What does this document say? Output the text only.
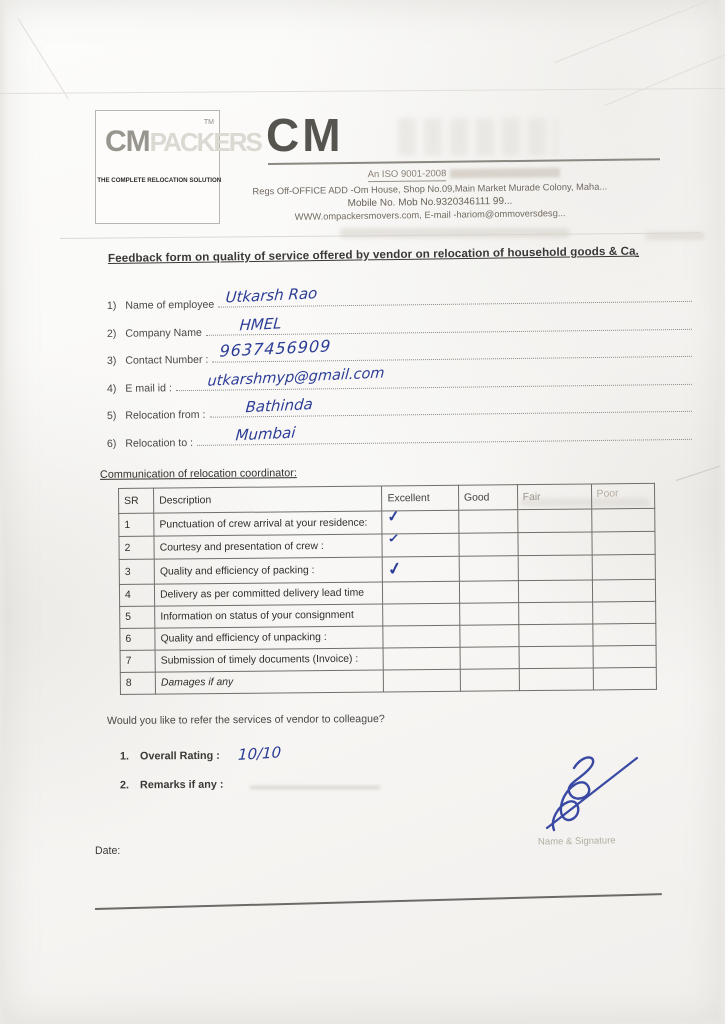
CMPACKERS
TM
THE COMPLETE RELOCATION SOLUTION
CM
An ISO 9001-2008
Regs Off-OFFICE ADD -Om House, Shop No.09,Main Market Murade Colony, Maha...
Mobile No. Mob No.9320346111 99...
WWW.ompackersmovers.com, E-mail -hariom@ommoversdesg...
Feedback form on quality of service offered by vendor on relocation of household goods & Ca.
1) Name of employee Utkarsh Rao
2) Company Name HMEL
3) Contact Number : 9637456909
4) E mail id : utkarshmyp@gmail.com
5) Relocation from :	Bathinda
6) Relocation to :	Mumbai
Communication of relocation coordinator:
SR	Description	Excellent	Good	Fair	Poor
1	Punctuation of crew arrival at your residence:	✓			
2	Courtesy and presentation of crew :	✓			
3	Quality and efficiency of packing :	✓			
4	Delivery as per committed delivery lead time				
5	Information on status of your consignment				
6	Quality and efficiency of unpacking :				
7	Submission of timely documents (Invoice) :				
8	Damages if any				
Would you like to refer the services of vendor to colleague?
1. Overall Rating : 10/10
2. Remarks if any :
Name & Signature
Date:
